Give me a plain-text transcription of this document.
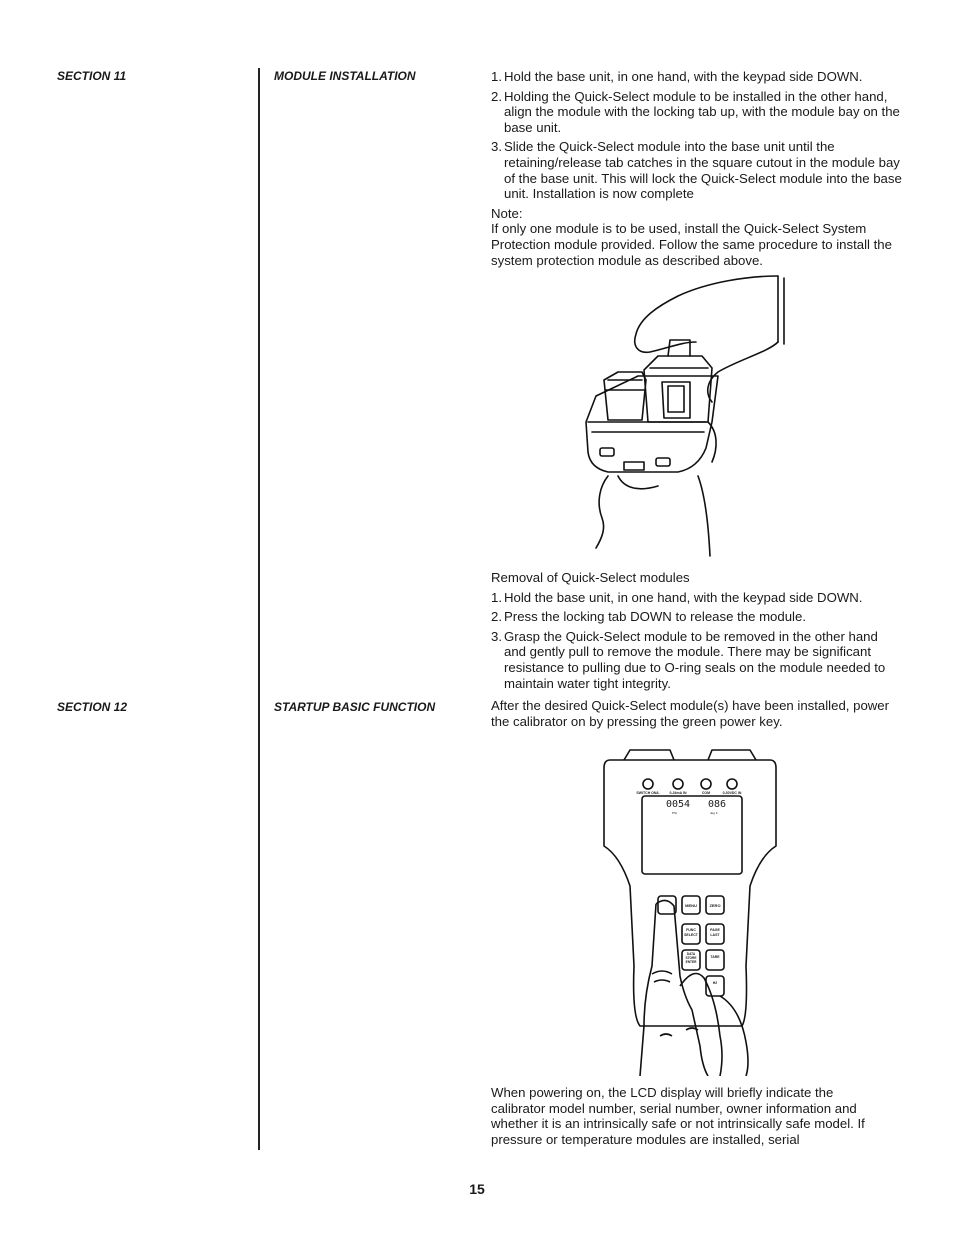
SECTION 11	MODULE INSTALLATION	1. Hold the base unit, in one hand, with the keypad side DOWN.
2. Holding the Quick-Select module to be installed in the other hand, align the module with the locking tab up, with the module bay on the base unit.
3. Slide the Quick-Select module into the base unit until the retaining/release tab catches in the square cutout in the module bay of the base unit. This will lock the Quick-Select module into the base unit. Installation is now complete
Note:
If only one module is to be used, install the Quick-Select System Protection module provided. Follow the same procedure to install the system protection module as described above.
Removal of Quick-Select modules
1. Hold the base unit, in one hand, with the keypad side DOWN.
2. Press the locking tab DOWN to release the module.
3. Grasp the Quick-Select module to be removed in the other hand and gently pull to remove the module. There may be significant resistance to pulling due to O-ring seals on the module needed to maintain water tight integrity.
SECTION 12	STARTUP BASIC FUNCTION	After the desired Quick-Select module(s) have been installed, power the calibrator on by pressing the green power key.
SWITCH ON/L	0-24mA IN	COM	0-30VDC IN
0054 086
PSI	deg F
MENU	ZERO
FUNC SELECT
PAGE LAST
DATA STORE ENTER
TARE
H2
When powering on, the LCD display will briefly indicate the calibrator model number, serial number, owner information and whether it is an intrinsically safe or not intrinsically safe model. If pressure or temperature modules are installed, serial
15
